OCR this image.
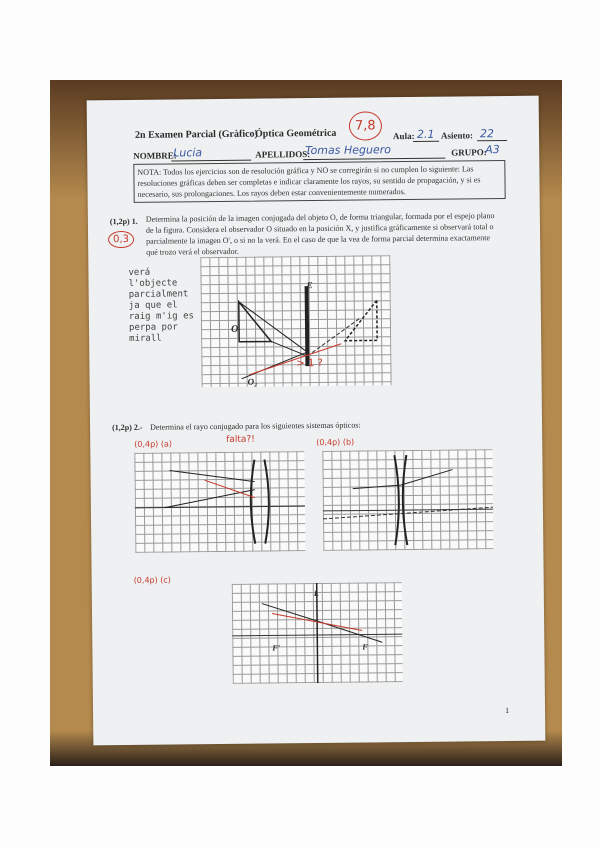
2n Examen Parcial (Gràfico)
Óptica Geométrica
7,8
Aula: 2.1 Asiento: 22
NOMBRE:
Lucia	APELLIDOS:
Tomas Heguero	GRUPO:
A3
NOTA: Todos los ejercicios son de resolución gráfica y NO se corregirán si no cumplen lo siguiente: Las resoluciones gráficas deben ser completas e indicar claramente los rayos, su sentido de propagación, y si es necesario, sus prolongaciones. Los rayos deben estar convenientemente numerados.
(1,2p) 1. Determina la posición de la imagen conjugada del objeto O, de forma triangular, formada por el espejo plano de la figura. Considera el observador O situado en la posición X, y justifica gráficamente si observará total o parcialmente la imagen O', o si no la verá. En el caso de que la vea de forma parcial determina exactamente qué trozo verá el observador.
0,3
verá l'objecte parcialment ja que el raig m'ig es perpa por mirall
> 1 ?
E
O
O₂
(1,2p) 2.- Determina el rayo conjugado para los siguientes sistemas ópticos:
(0,4p) (a)	falta?!	(0,4p) (b)
(0,4p) (c)
L
F
F'
1
